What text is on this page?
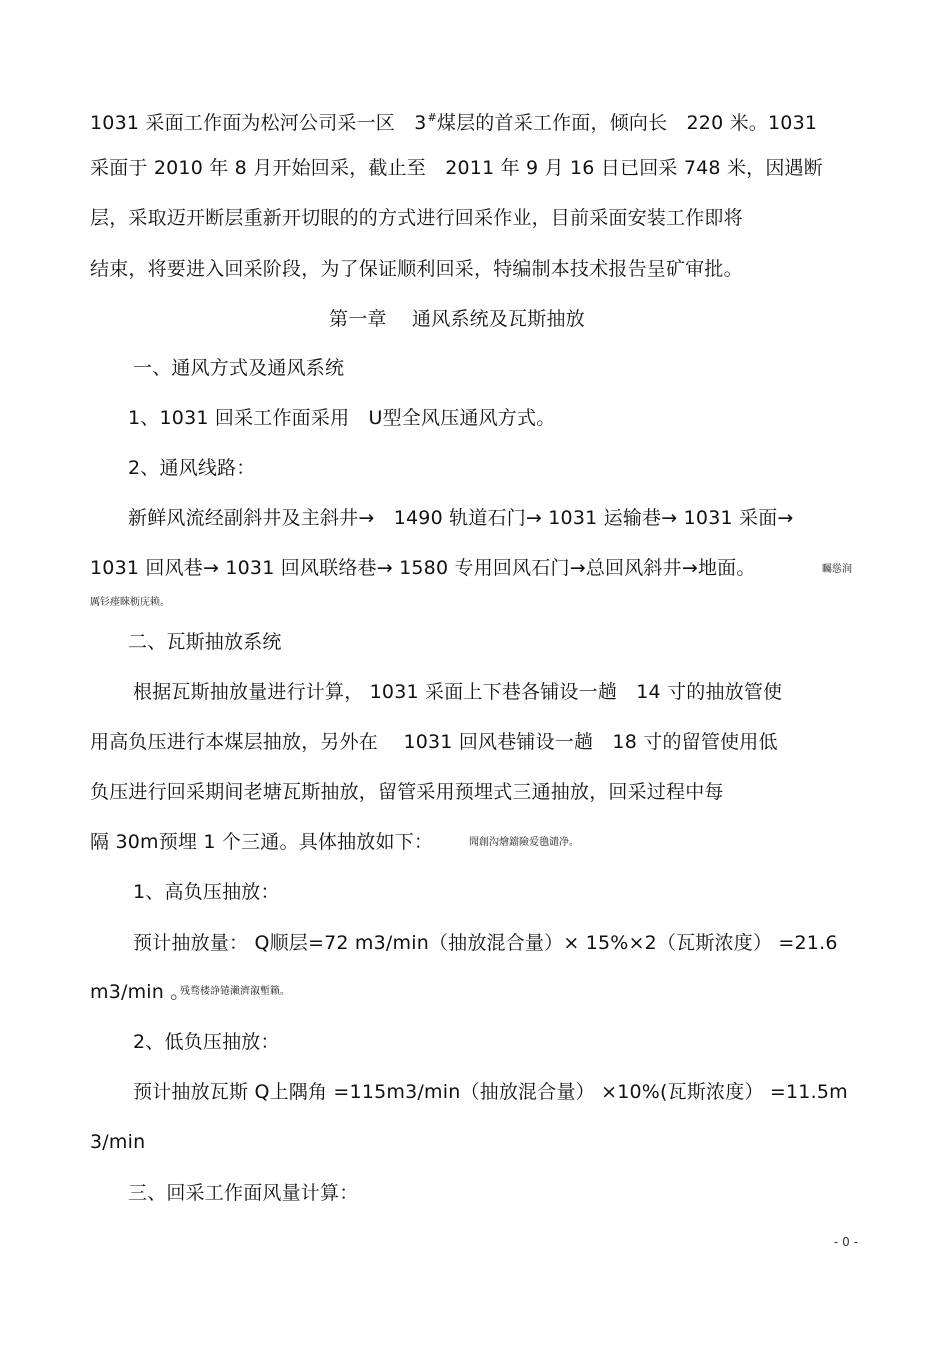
1031 采面工作面为松河公司采一区　3#煤层的首采工作面，倾向长　220 米。1031
采面于 2010 年 8 月开始回采，截止至　2011 年 9 月 16 日已回采 748 米，因遇断
层，采取迈开断层重新开切眼的的方式进行回采作业，目前采面安装工作即将
结束，将要进入回采阶段，为了保证顺利回采，特编制本技术报告呈矿审批。
第一章　 通风系统及瓦斯抽放
一、通风方式及通风系统
1、1031 回采工作面采用　U型全风压通风方式。
2、通风线路：
新鲜风流经副斜井及主斜井→　1490 轨道石门→ 1031 运输巷→ 1031 采面→
1031 回风巷→ 1031 回风联络巷→ 1580 专用回风石门→总回风斜井→地面。	矚慫润
厲钐瘗睞枥庑赖。
二、瓦斯抽放系统
根据瓦斯抽放量进行计算， 1031 采面上下巷各铺设一趟　14 寸的抽放管使
用高负压进行本煤层抽放，另外在　 1031 回风巷铺设一趟　18 寸的留管使用低
负压进行回采期间老塘瓦斯抽放，留管采用预埋式三通抽放，回采过程中每
隔 30m预埋 1 个三通。具体抽放如下：	聞創沟燴鐺險爱氇谴净。
1、高负压抽放：
预计抽放量： Q顺层=72 m3/min（抽放混合量）× 15%×2（瓦斯浓度） =21.6
m3/min 。
残骛楼諍锩瀨濟溆塹籟。
2、低负压抽放：
预计抽放瓦斯 Q上隅角 =115m3/min（抽放混合量） ×10%(瓦斯浓度） =11.5m
3/min
三、回采工作面风量计算：
- 0 -
